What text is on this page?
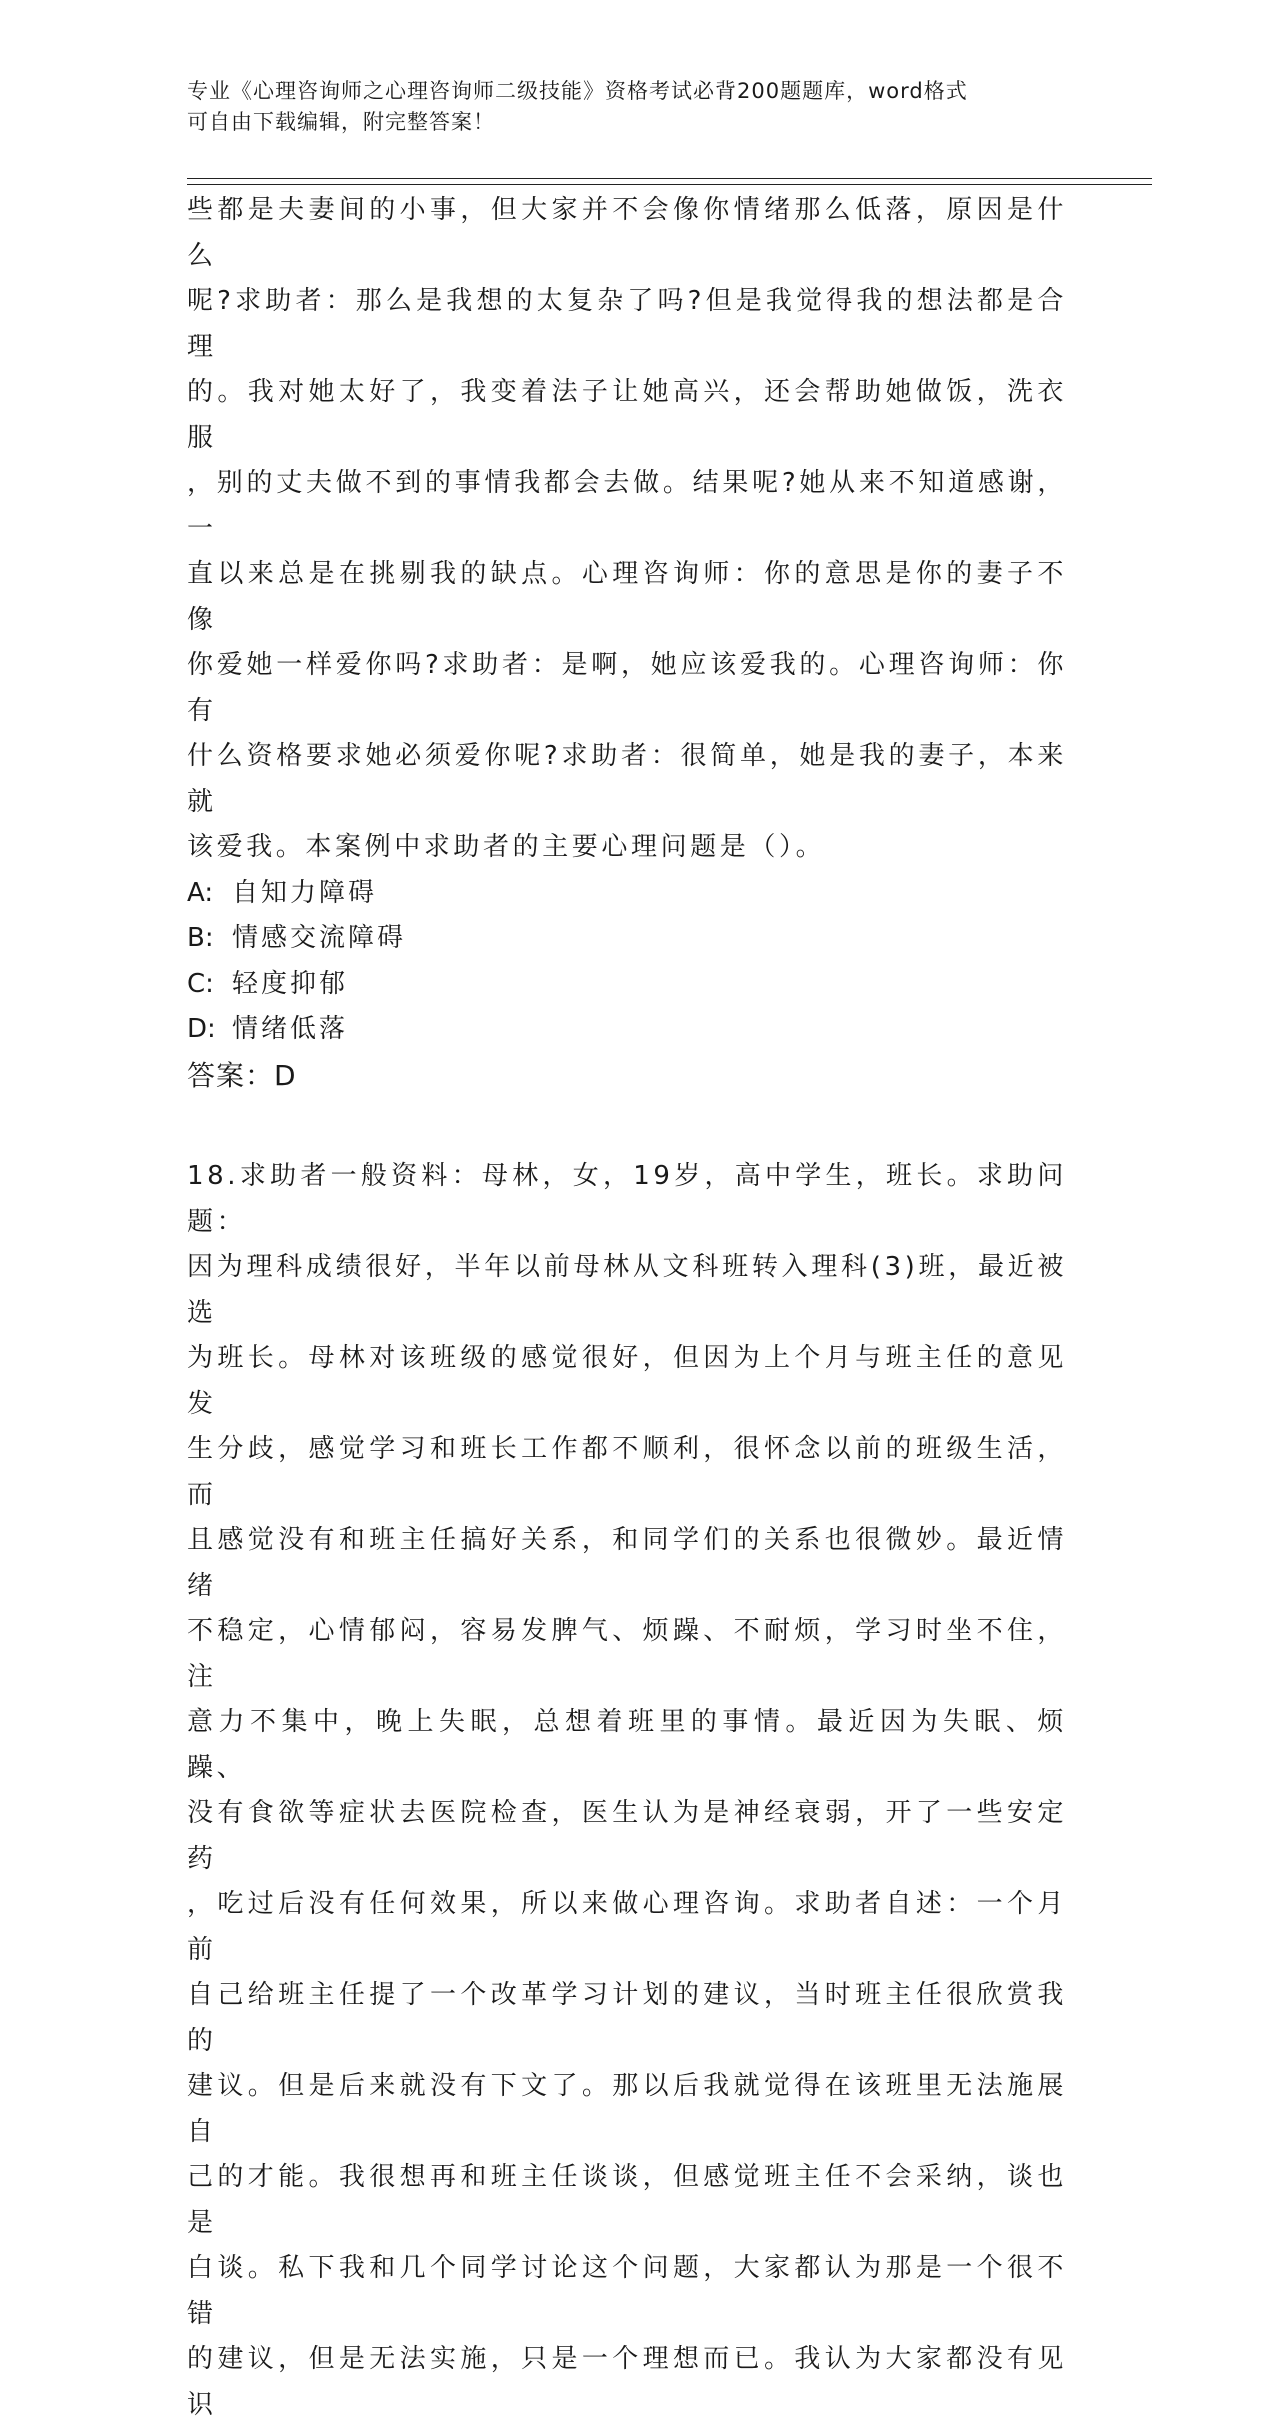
专业《心理咨询师之心理咨询师二级技能》资格考试必背200题题库，word格式
可自由下载编辑，附完整答案！

些都是夫妻间的小事，但大家并不会像你情绪那么低落，原因是什么

呢?求助者：那么是我想的太复杂了吗?但是我觉得我的想法都是合理

的。我对她太好了，我变着法子让她高兴，还会帮助她做饭，洗衣服

，别的丈夫做不到的事情我都会去做。结果呢?她从来不知道感谢，一

直以来总是在挑剔我的缺点。心理咨询师：你的意思是你的妻子不像

你爱她一样爱你吗?求助者：是啊，她应该爱我的。心理咨询师：你有

什么资格要求她必须爱你呢?求助者：很简单，她是我的妻子，本来就

该爱我。本案例中求助者的主要心理问题是（）。

A: 自知力障碍

B: 情感交流障碍

C: 轻度抑郁

D: 情绪低落

答案：D

18.求助者一般资料：母林，女，19岁，高中学生，班长。求助问题：

因为理科成绩很好，半年以前母林从文科班转入理科(3)班，最近被选

为班长。母林对该班级的感觉很好，但因为上个月与班主任的意见发

生分歧，感觉学习和班长工作都不顺利，很怀念以前的班级生活，而

且感觉没有和班主任搞好关系，和同学们的关系也很微妙。最近情绪

不稳定，心情郁闷，容易发脾气、烦躁、不耐烦，学习时坐不住，注

意力不集中，晚上失眠，总想着班里的事情。最近因为失眠、烦躁、

没有食欲等症状去医院检查，医生认为是神经衰弱，开了一些安定药

，吃过后没有任何效果，所以来做心理咨询。求助者自述：一个月前

自己给班主任提了一个改革学习计划的建议，当时班主任很欣赏我的

建议。但是后来就没有下文了。那以后我就觉得在该班里无法施展自

己的才能。我很想再和班主任谈谈，但感觉班主任不会采纳，谈也是

白谈。私下我和几个同学讨论这个问题，大家都认为那是一个很不错

的建议，但是无法实施，只是一个理想而已。我认为大家都没有见识
